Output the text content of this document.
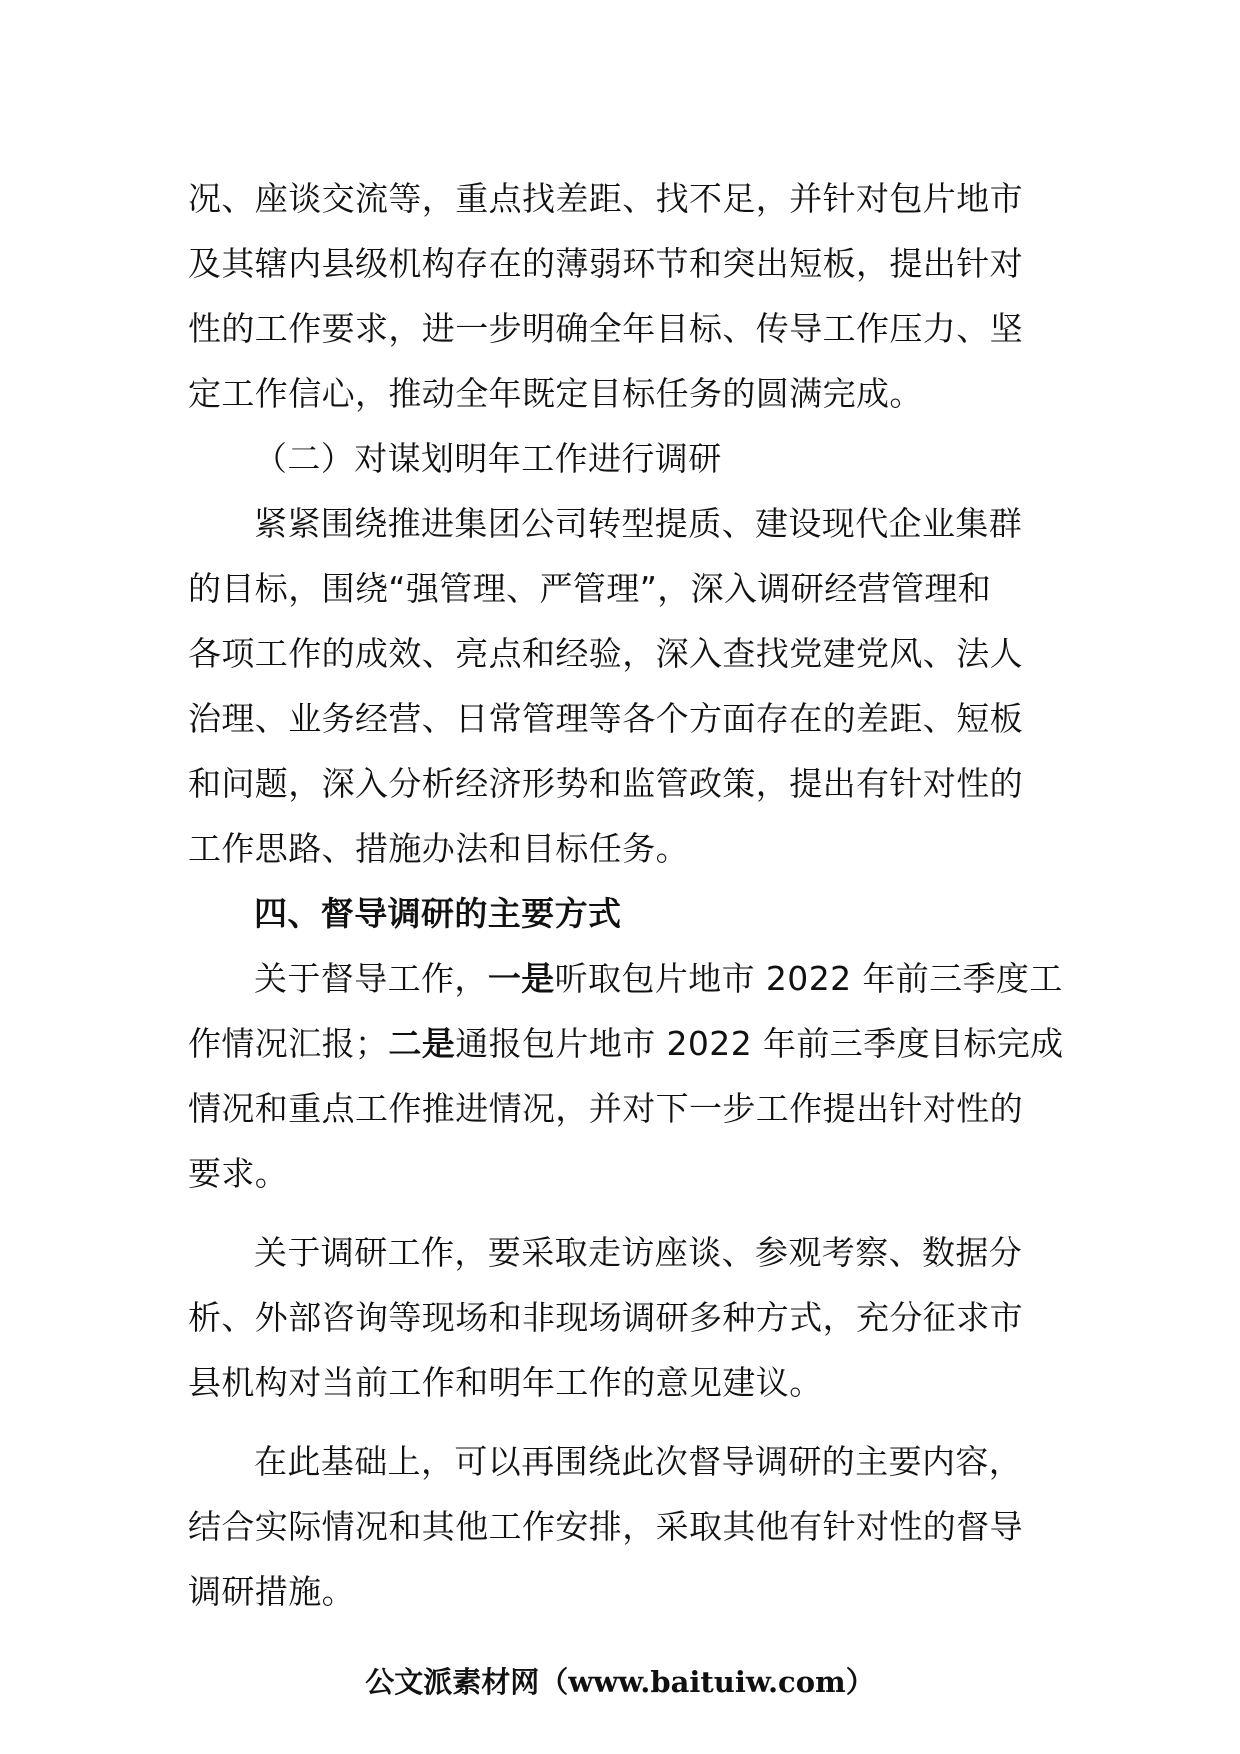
况、座谈交流等，重点找差距、找不足，并针对包片地市
及其辖内县级机构存在的薄弱环节和突出短板，提出针对
性的工作要求，进一步明确全年目标、传导工作压力、坚
定工作信心，推动全年既定目标任务的圆满完成。
（二）对谋划明年工作进行调研
紧紧围绕推进集团公司转型提质、建设现代企业集群
的目标，围绕“强管理、严管理”，深入调研经营管理和
各项工作的成效、亮点和经验，深入查找党建党风、法人
治理、业务经营、日常管理等各个方面存在的差距、短板
和问题，深入分析经济形势和监管政策，提出有针对性的
工作思路、措施办法和目标任务。
四、督导调研的主要方式
关于督导工作，一是听取包片地市 2022 年前三季度工
作情况汇报；二是通报包片地市 2022 年前三季度目标完成
情况和重点工作推进情况，并对下一步工作提出针对性的
要求。
关于调研工作，要采取走访座谈、参观考察、数据分
析、外部咨询等现场和非现场调研多种方式，充分征求市
县机构对当前工作和明年工作的意见建议。
在此基础上，可以再围绕此次督导调研的主要内容，
结合实际情况和其他工作安排，采取其他有针对性的督导
调研措施。
公文派素材网（www.baituiw.com）
